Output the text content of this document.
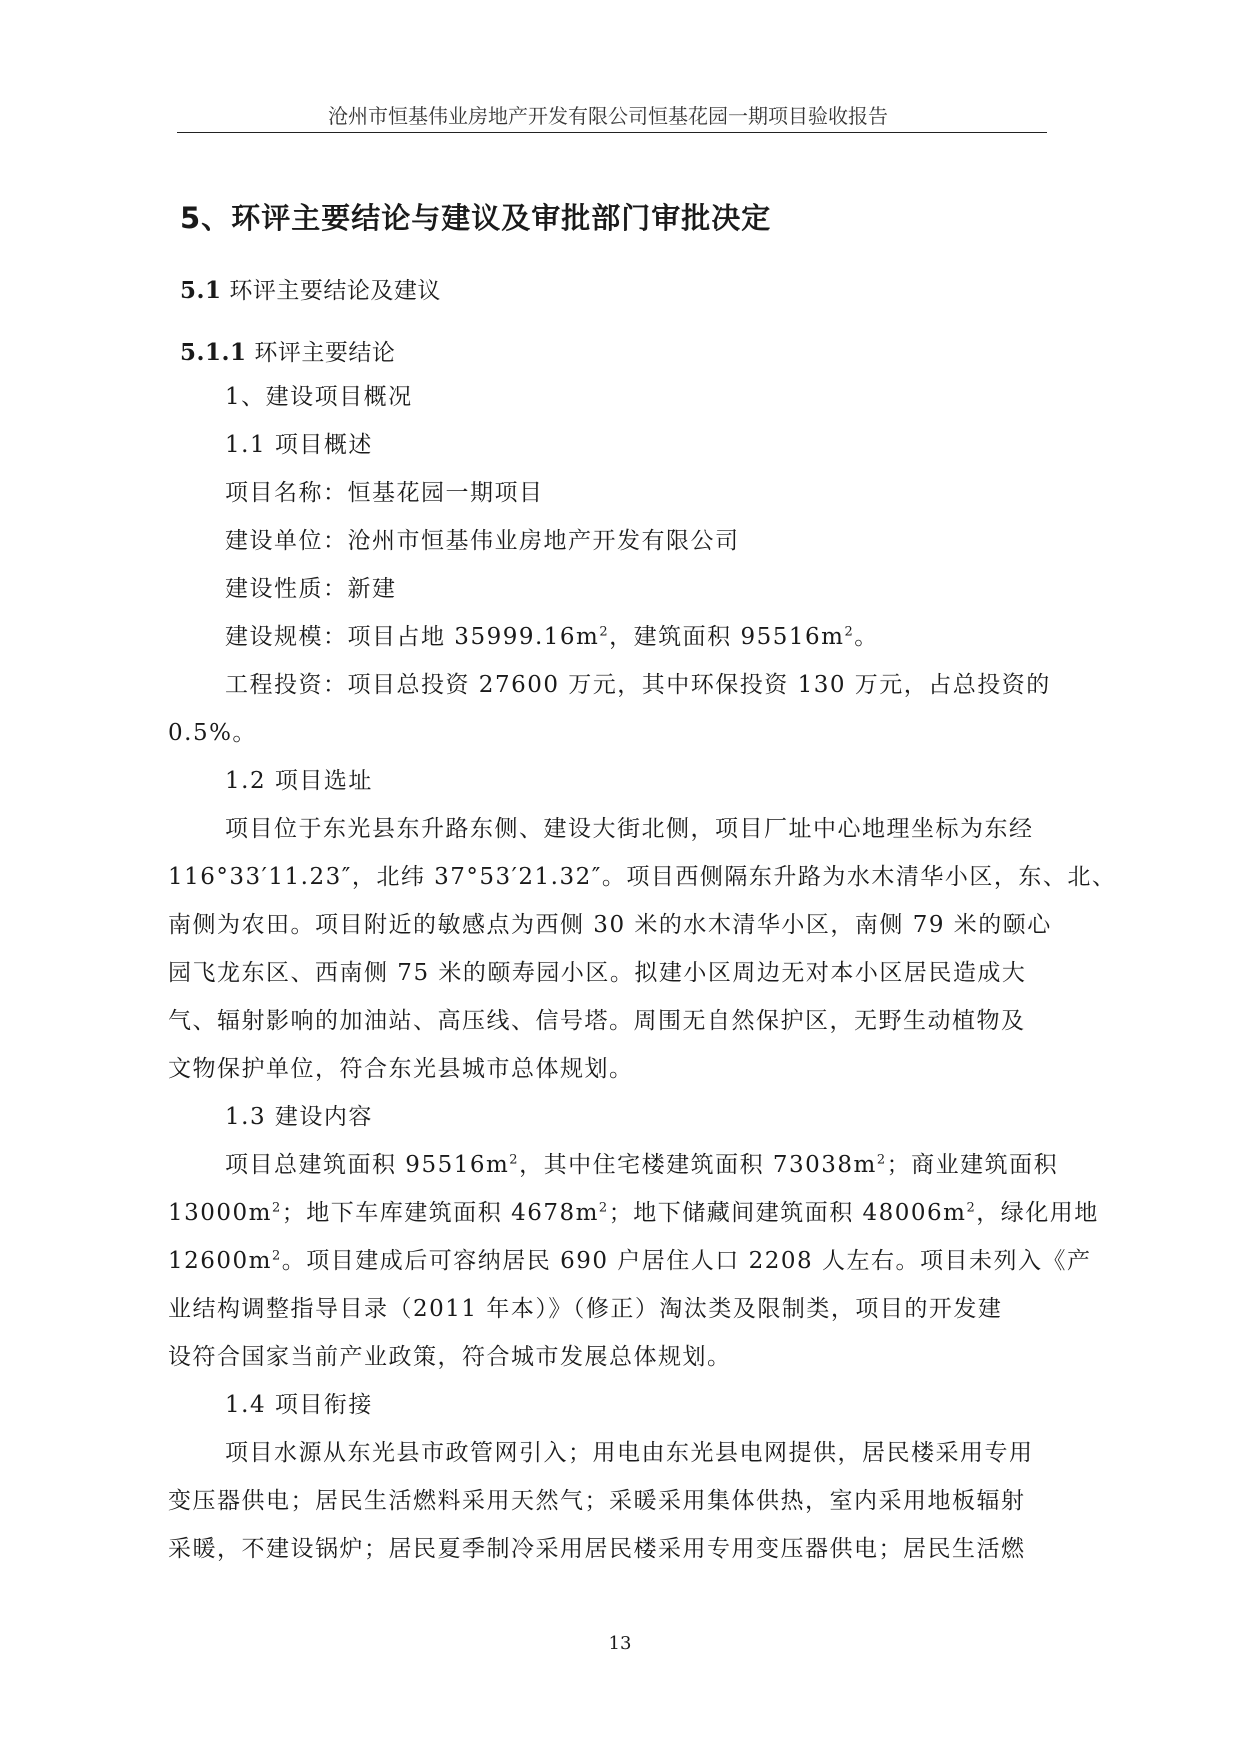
沧州市恒基伟业房地产开发有限公司恒基花园一期项目验收报告
5、环评主要结论与建议及审批部门审批决定
5.1 环评主要结论及建议
5.1.1 环评主要结论
1、建设项目概况
1.1 项目概述
项目名称：恒基花园一期项目
建设单位：沧州市恒基伟业房地产开发有限公司
建设性质：新建
建设规模：项目占地 $35999.16m^2$，建筑面积 $95516m^2$。
工程投资：项目总投资 27600 万元，其中环保投资 130 万元，占总投资的
0.5%。
1.2 项目选址
项目位于东光县东升路东侧、建设大街北侧，项目厂址中心地理坐标为东经
116°33′11.23″，北纬 37°53′21.32″。项目西侧隔东升路为水木清华小区，东、北、
南侧为农田。项目附近的敏感点为西侧 30 米的水木清华小区，南侧 79 米的颐心
园飞龙东区、西南侧 75 米的颐寿园小区。拟建小区周边无对本小区居民造成大
气、辐射影响的加油站、高压线、信号塔。周围无自然保护区，无野生动植物及
文物保护单位，符合东光县城市总体规划。
1.3 建设内容
项目总建筑面积 $95516m^2$，其中住宅楼建筑面积 $73038m^2$；商业建筑面积
$13000m^2$；地下车库建筑面积 $4678m^2$；地下储藏间建筑面积 $48006m^2$，绿化用地
$12600m^2$。项目建成后可容纳居民 690 户居住人口 2208 人左右。项目未列入《产
业结构调整指导目录（2011 年本）》（修正）淘汰类及限制类，项目的开发建
设符合国家当前产业政策，符合城市发展总体规划。
1.4 项目衔接
项目水源从东光县市政管网引入；用电由东光县电网提供，居民楼采用专用
变压器供电；居民生活燃料采用天然气；采暖采用集体供热，室内采用地板辐射
采暖，不建设锅炉；居民夏季制冷采用居民楼采用专用变压器供电；居民生活燃
13
